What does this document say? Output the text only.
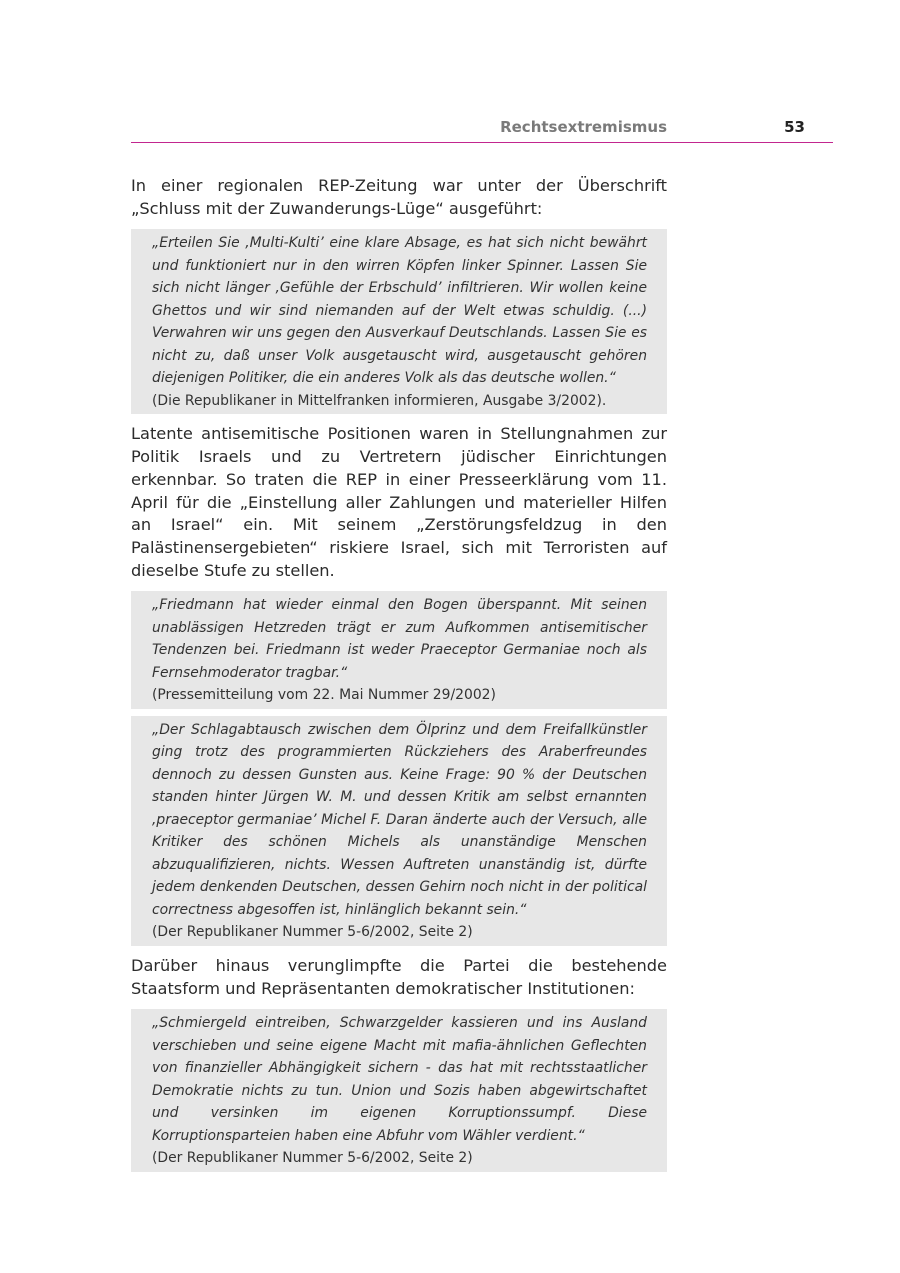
Rechtsextremismus	53

In einer regionalen REP-Zeitung war unter der Überschrift „Schluss mit der Zuwanderungs-Lüge“ ausgeführt:

„Erteilen Sie ‚Multi-Kulti’ eine klare Absage, es hat sich nicht bewährt und funktioniert nur in den wirren Köpfen linker Spinner. Lassen Sie sich nicht länger ‚Gefühle der Erbschuld’ infiltrieren. Wir wollen keine Ghettos und wir sind niemanden auf der Welt etwas schuldig. (...) Verwahren wir uns gegen den Ausverkauf Deutschlands. Lassen Sie es nicht zu, daß unser Volk ausgetauscht wird, ausgetauscht gehören diejenigen Politiker, die ein anderes Volk als das deutsche wollen.“
(Die Republikaner in Mittelfranken informieren, Ausgabe 3/2002).

Latente antisemitische Positionen waren in Stellungnahmen zur Politik Israels und zu Vertretern jüdischer Einrichtungen erkennbar. So traten die REP in einer Presseerklärung vom 11. April für die „Einstellung aller Zahlungen und materieller Hilfen an Israel“ ein. Mit seinem „Zerstörungsfeldzug in den Palästinensergebieten“ riskiere Israel, sich mit Terroristen auf dieselbe Stufe zu stellen.

„Friedmann hat wieder einmal den Bogen überspannt. Mit seinen unablässigen Hetzreden trägt er zum Aufkommen antisemitischer Tendenzen bei. Friedmann ist weder Praeceptor Germaniae noch als Fernsehmoderator tragbar.“
(Pressemitteilung vom 22. Mai Nummer 29/2002)
„Der Schlagabtausch zwischen dem Ölprinz und dem Freifallkünstler ging trotz des programmierten Rückziehers des Araberfreundes dennoch zu dessen Gunsten aus. Keine Frage: 90 % der Deutschen standen hinter Jürgen W. M. und dessen Kritik am selbst ernannten ‚praeceptor germaniae’ Michel F. Daran änderte auch der Versuch, alle Kritiker des schönen Michels als unanständige Menschen abzuqualifizieren, nichts. Wessen Auftreten unanständig ist, dürfte jedem denkenden Deutschen, dessen Gehirn noch nicht in der political correctness abgesoffen ist, hinlänglich bekannt sein.“
(Der Republikaner Nummer 5-6/2002, Seite 2)

Darüber hinaus verunglimpfte die Partei die bestehende Staatsform und Repräsentanten demokratischer Institutionen:

„Schmiergeld eintreiben, Schwarzgelder kassieren und ins Ausland verschieben und seine eigene Macht mit mafia-ähnlichen Geflechten von finanzieller Abhängigkeit sichern - das hat mit rechtsstaatlicher Demokratie nichts zu tun. Union und Sozis haben abgewirtschaftet und versinken im eigenen Korruptionssumpf. Diese Korruptionsparteien haben eine Abfuhr vom Wähler verdient.“
(Der Republikaner Nummer 5-6/2002, Seite 2)
